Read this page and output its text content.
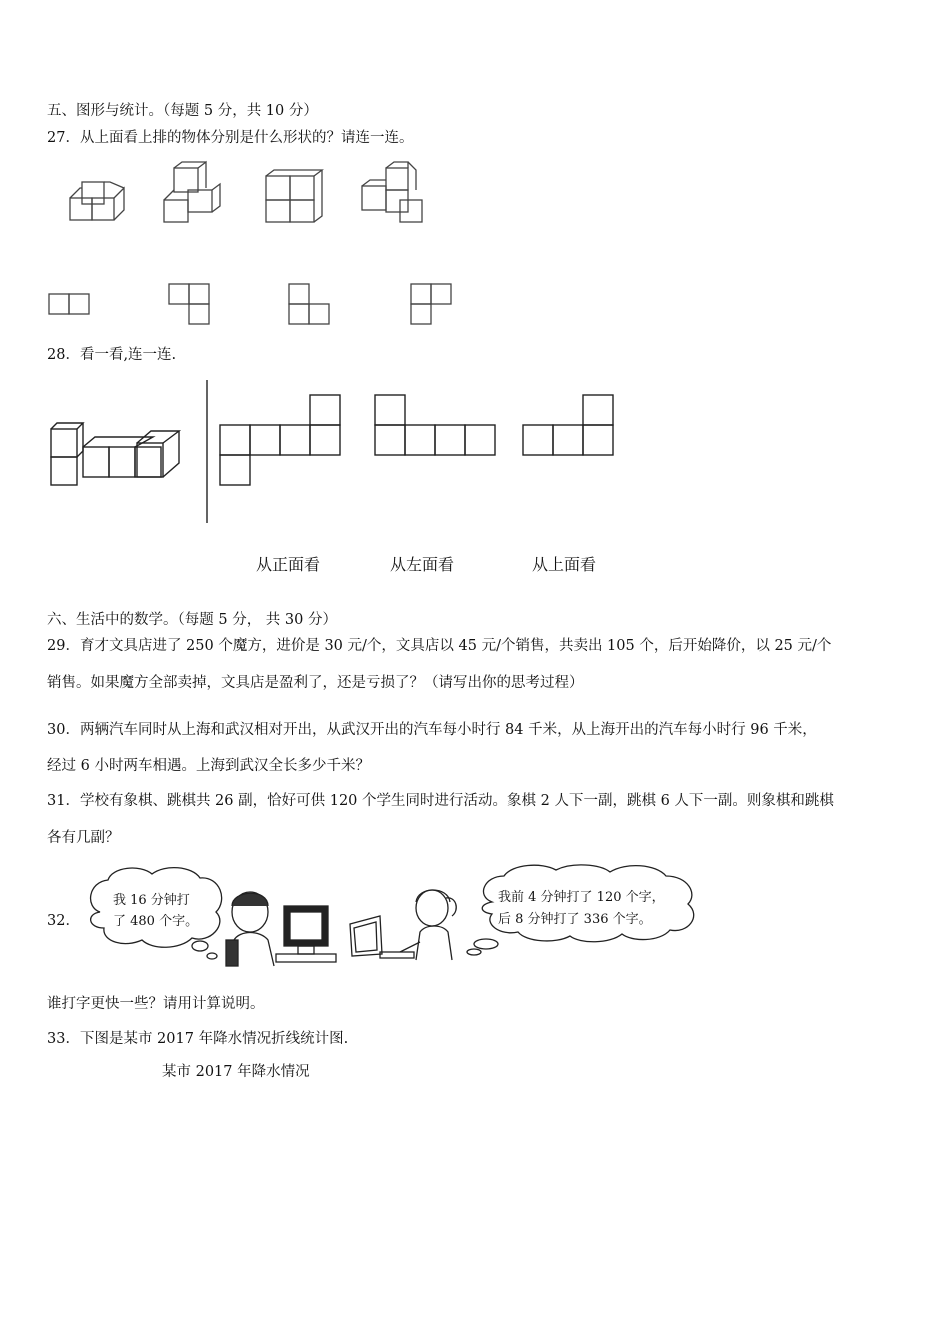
五、图形与统计。（每题 5 分，共 10 分）
27．从上面看上排的物体分别是什么形状的？请连一连。
28．看一看,连一连.
从正面看	从左面看	从上面看
六、生活中的数学。（每题 5 分， 共 30 分）
29．育才文具店进了 250 个魔方，进价是 30 元/个，文具店以 45 元/个销售，共卖出 105 个，后开始降价，以 25 元/个
销售。如果魔方全部卖掉，文具店是盈利了，还是亏损了？（请写出你的思考过程）
30．两辆汽车同时从上海和武汉相对开出，从武汉开出的汽车每小时行 84 千米，从上海开出的汽车每小时行 96 千米，
经过 6 小时两车相遇。上海到武汉全长多少千米？
31．学校有象棋、跳棋共 26 副，恰好可供 120 个学生同时进行活动。象棋 2 人下一副，跳棋 6 人下一副。则象棋和跳棋
各有几副？
32．
我 16 分钟打
了 480 个字。
我前 4 分钟打了 120 个字，
后 8 分钟打了 336 个字。
谁打字更快一些？请用计算说明。
33．下图是某市 2017 年降水情况折线统计图.
某市 2017 年降水情况
